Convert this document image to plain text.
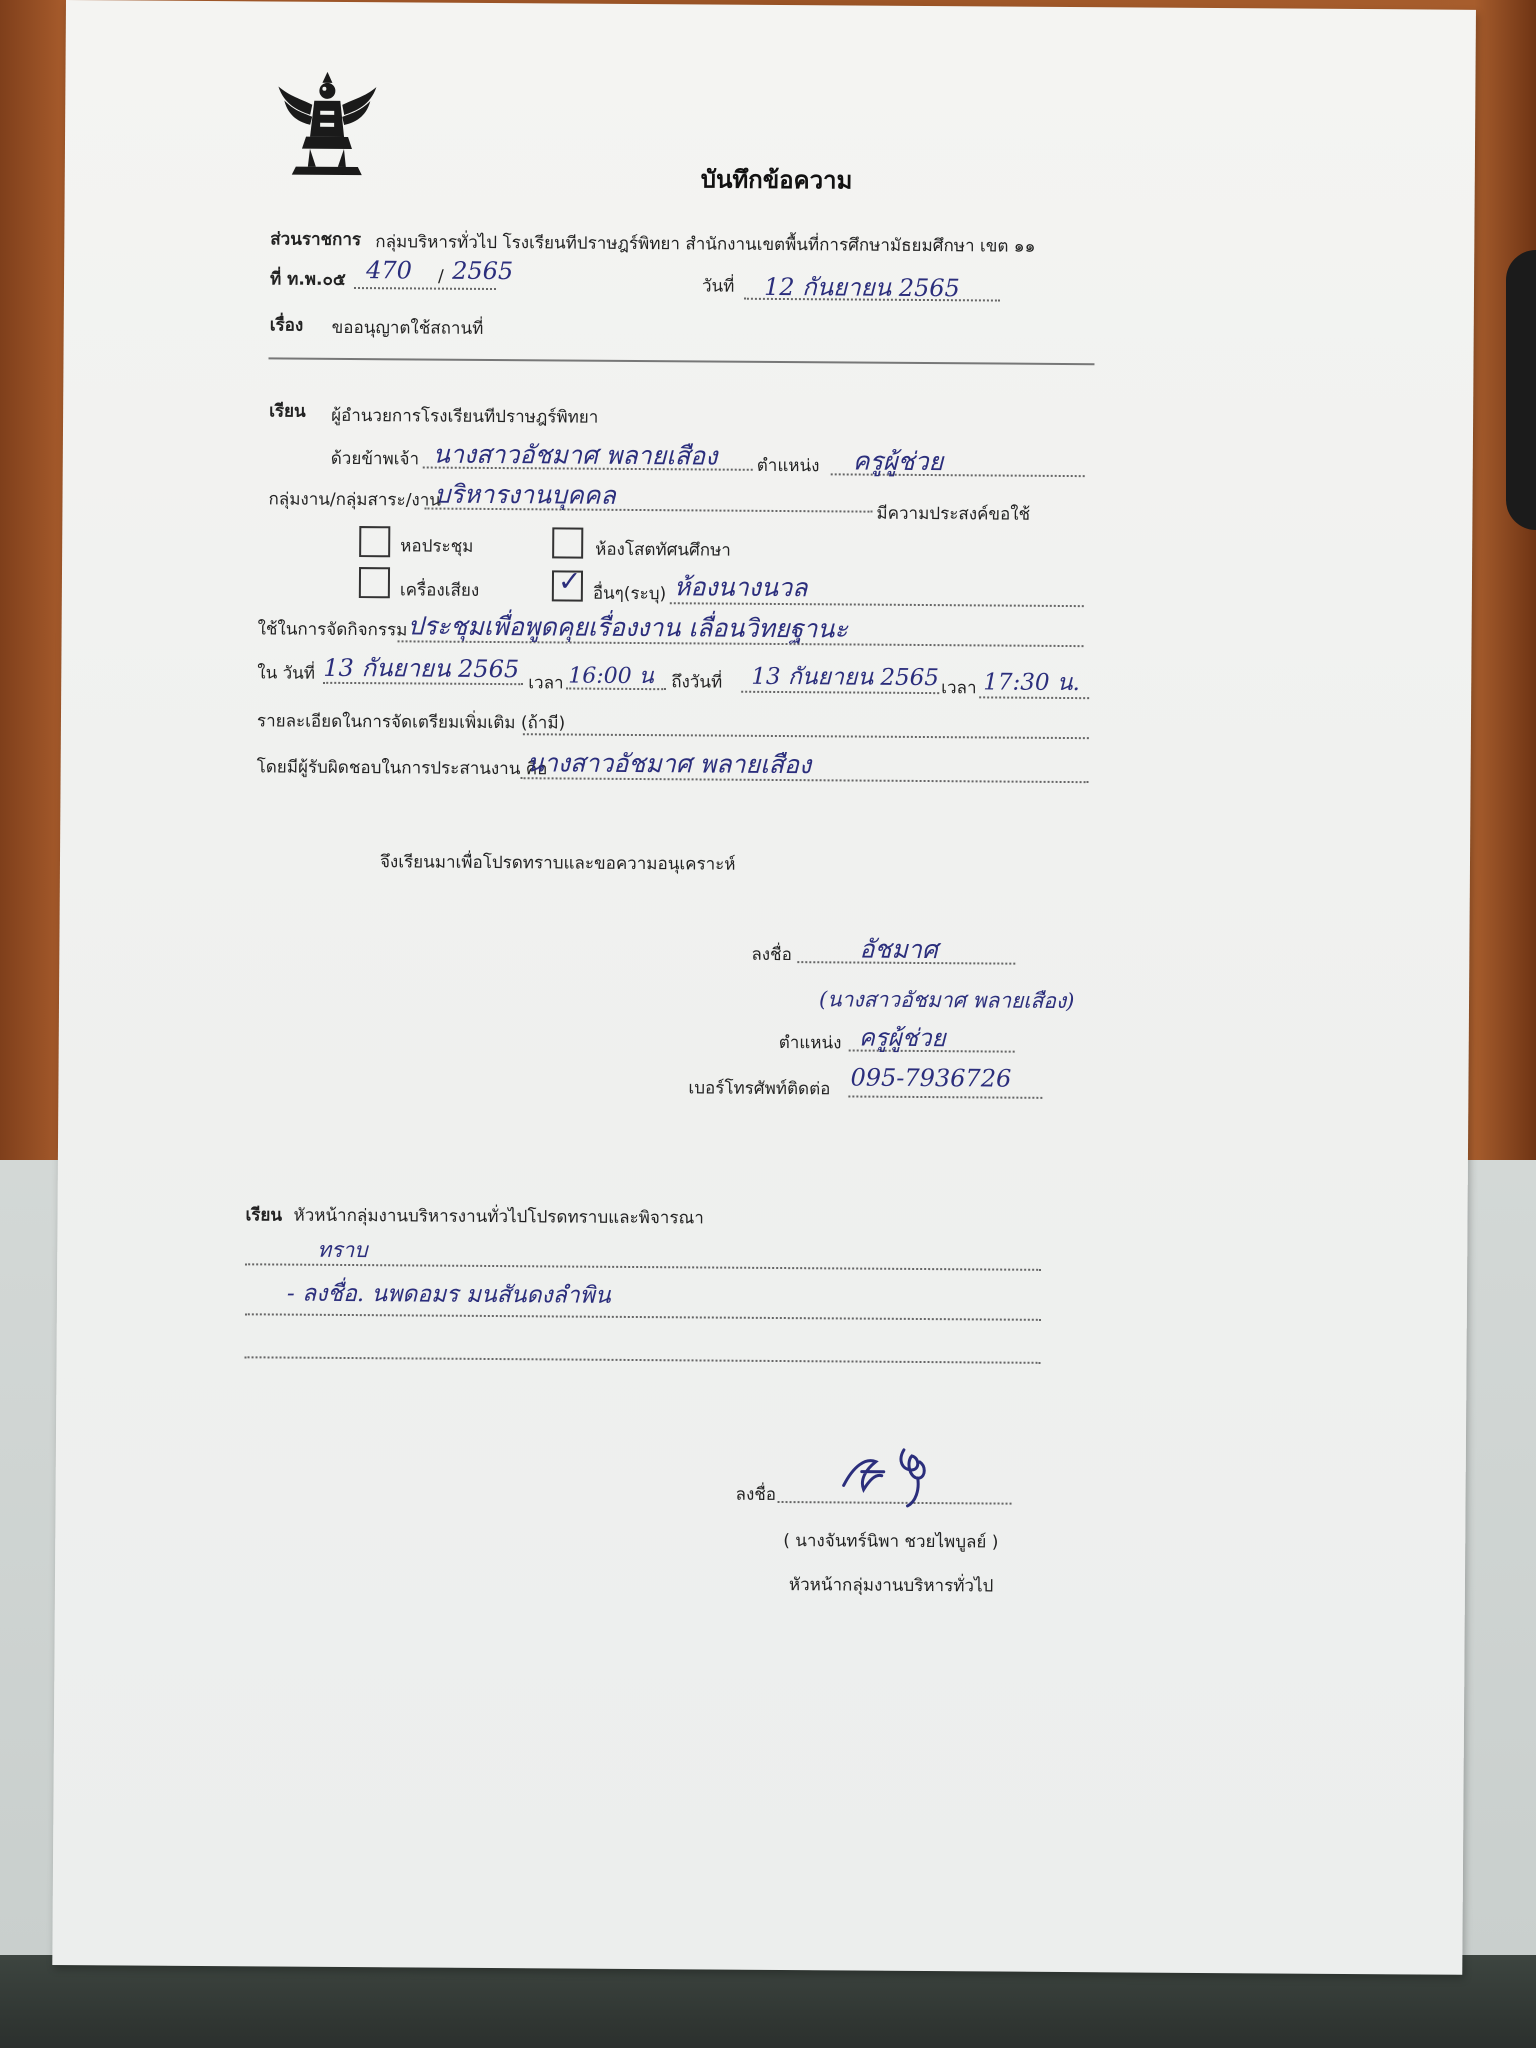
บันทึกข้อความ
ส่วนราชการ กลุ่มบริหารทั่วไป โรงเรียนทีปราษฎร์พิทยา สำนักงานเขตพื้นที่การศึกษามัธยมศึกษา เขต ๑๑
ที่ ท.พ.๐๕ 470 / 2565
วันที่ 12 กันยายน 2565
เรื่อง ขออนุญาตใช้สถานที่
เรียน ผู้อำนวยการโรงเรียนทีปราษฎร์พิทยา
ด้วยข้าพเจ้า นางสาวอัชมาศ พลายเสือง ตำแหน่ง ครูผู้ช่วย
กลุ่มงาน/กลุ่มสาระ/งาน
บริหารงานบุคคล
มีความประสงค์ขอใช้
หอประชุม	ห้องโสตทัศนศึกษา
เครื่องเสียง	✓ อื่นๆ(ระบุ) ห้องนางนวล
ใช้ในการจัดกิจกรรม ประชุมเพื่อพูดคุยเรื่องงาน เลื่อนวิทยฐานะ
ใน วันที่ 13 กันยายน 2565
เวลา 16:00 น ถึงวันที่ 13 กันยายน 2565 เวลา 17:30 น.
รายละเอียดในการจัดเตรียมเพิ่มเติม (ถ้ามี)
โดยมีผู้รับผิดชอบในการประสานงาน คือ
นางสาวอัชมาศ พลายเสือง
จึงเรียนมาเพื่อโปรดทราบและขอความอนุเคราะห์
ลงชื่อ	อัชมาศ
(นางสาวอัชมาศ พลายเสือง)
ตำแหน่ง ครูผู้ช่วย
เบอร์โทรศัพท์ติดต่อ 095-7936726
เรียน หัวหน้ากลุ่มงานบริหารงานทั่วไปโปรดทราบและพิจารณา
ทราบ
- ลงชื่อ. นพดอมร มนสันดงลำพิน
ลงชื่อ
( นางจันทร์นิพา ชวยไพบูลย์ )
หัวหน้ากลุ่มงานบริหารทั่วไป
